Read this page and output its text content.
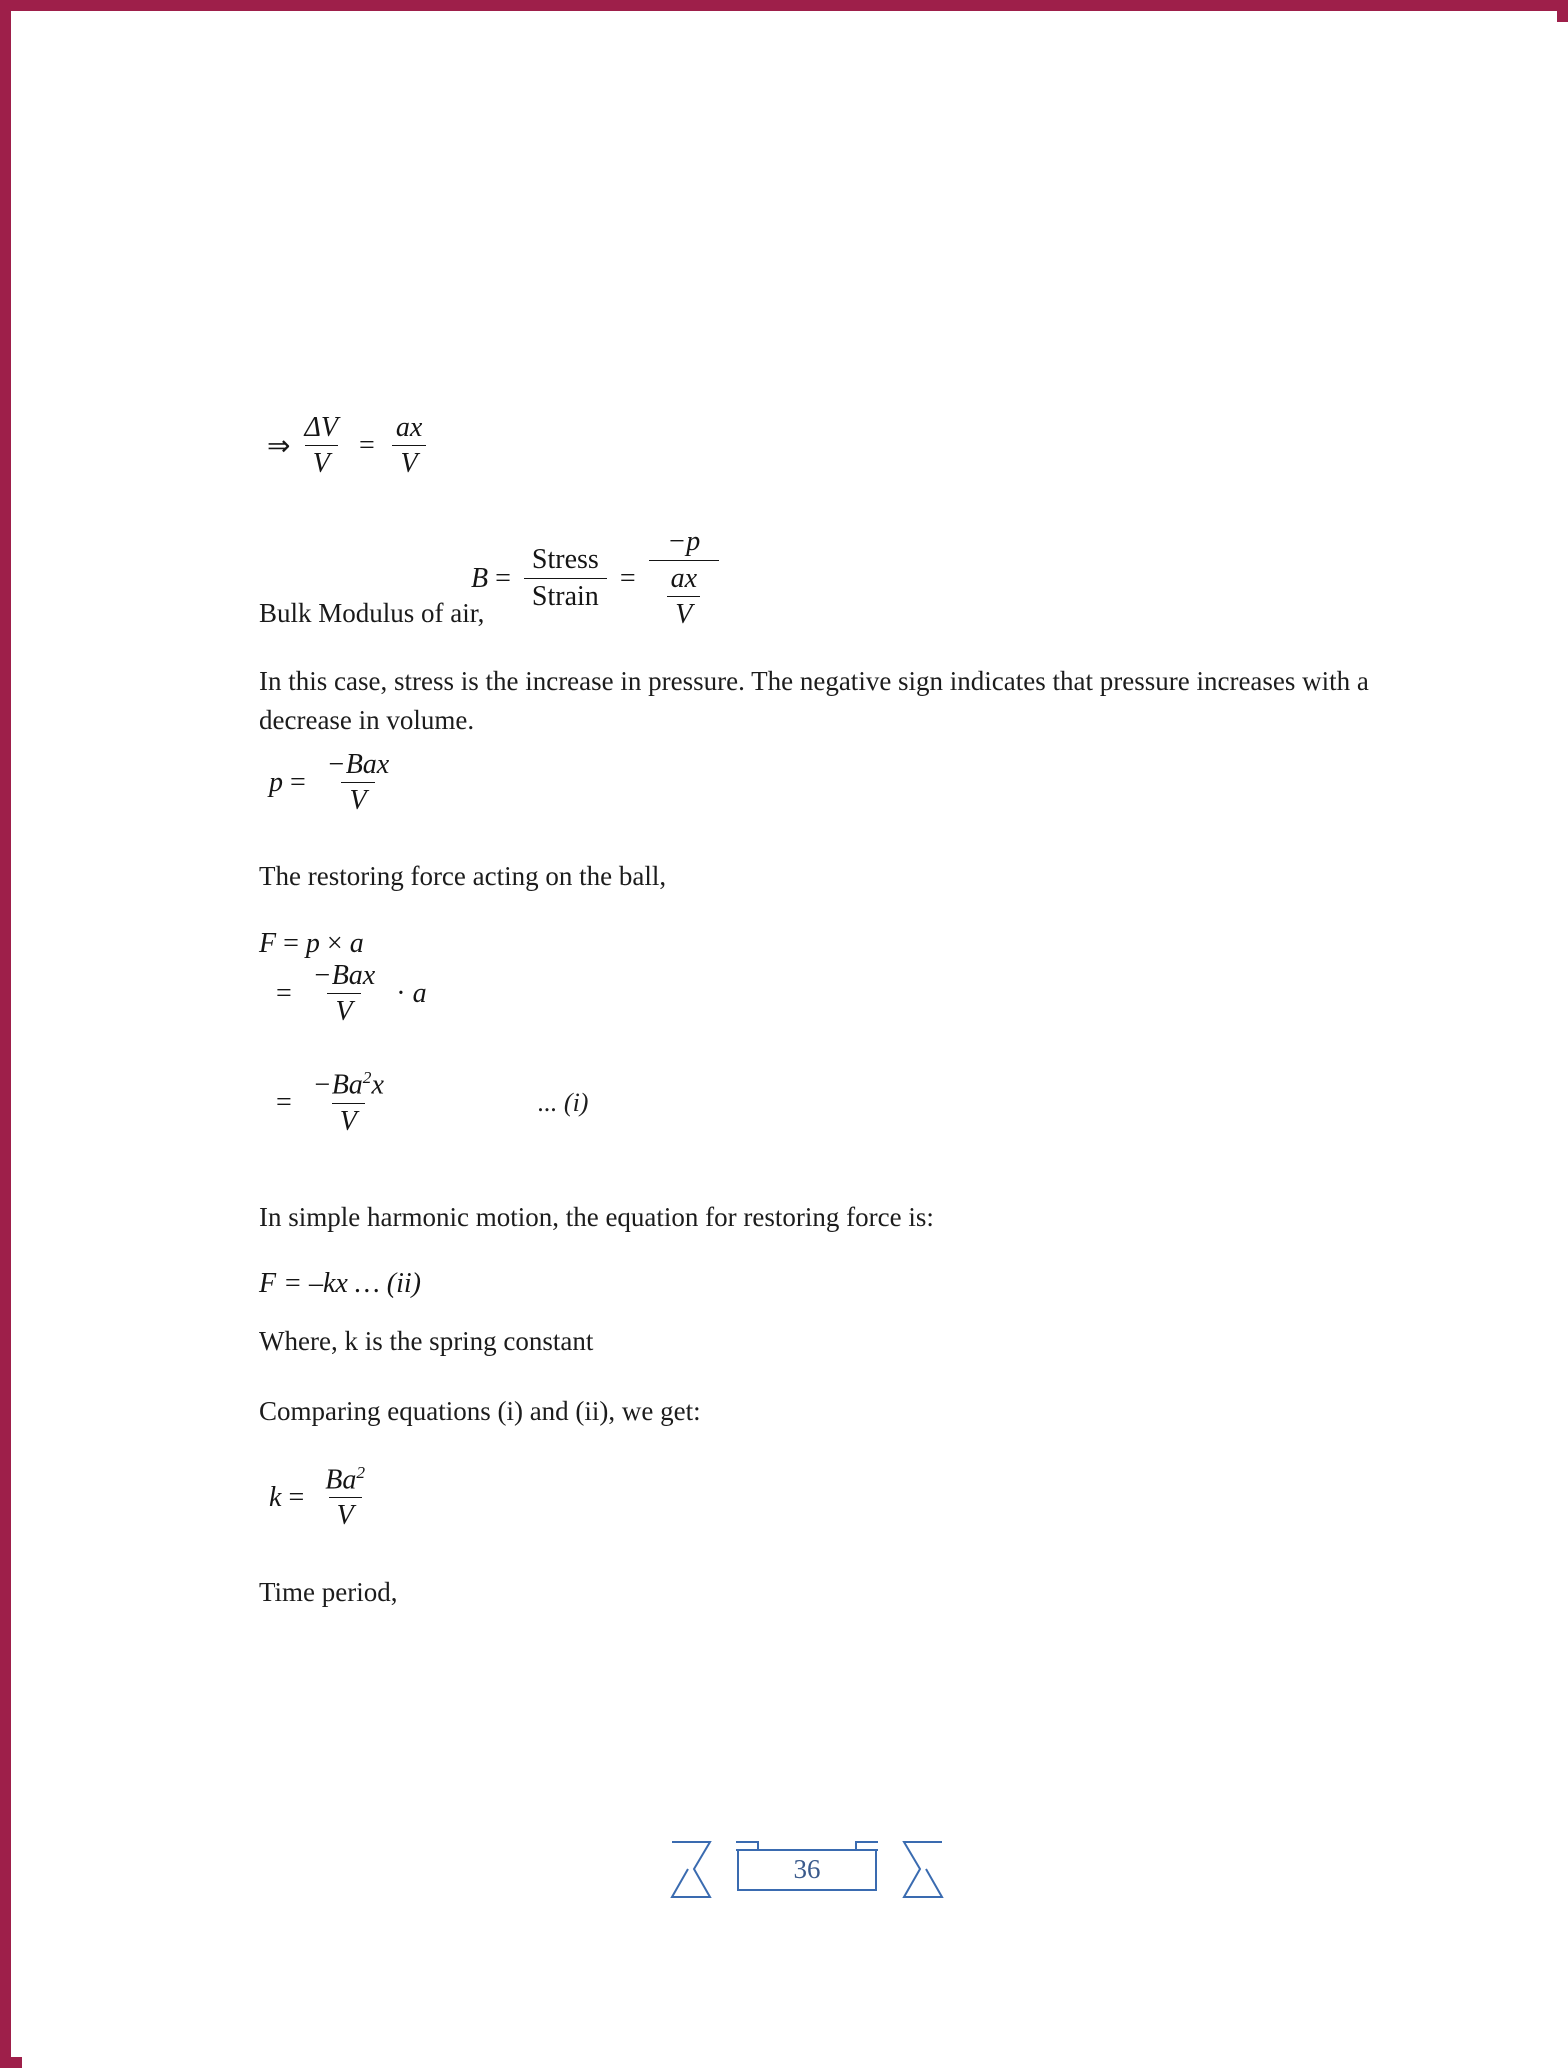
⇒ $\frac{\Delta V}{V} = \frac{ax}{V}$
Bulk Modulus of air,
$B = \frac{\text{Stress}}{\text{Strain}} = \frac{-p}{\frac{ax}{V}}$

In this case, stress is the increase in pressure. The negative sign indicates that pressure increases with a decrease in volume.

$p = \frac{\text{−Bax}}{V}$

The restoring force acting on the ball,

F = p × a
= $\frac{\text{−Bax}}{V} \cdot a$
= $\frac{-Ba^2x}{V}$	... (i)

In simple harmonic motion, the equation for restoring force is:

F = –kx … (ii)

Where, k is the spring constant

Comparing equations (i) and (ii), we get:

$k = \frac{Ba^2}{V}$

Time period,

36
